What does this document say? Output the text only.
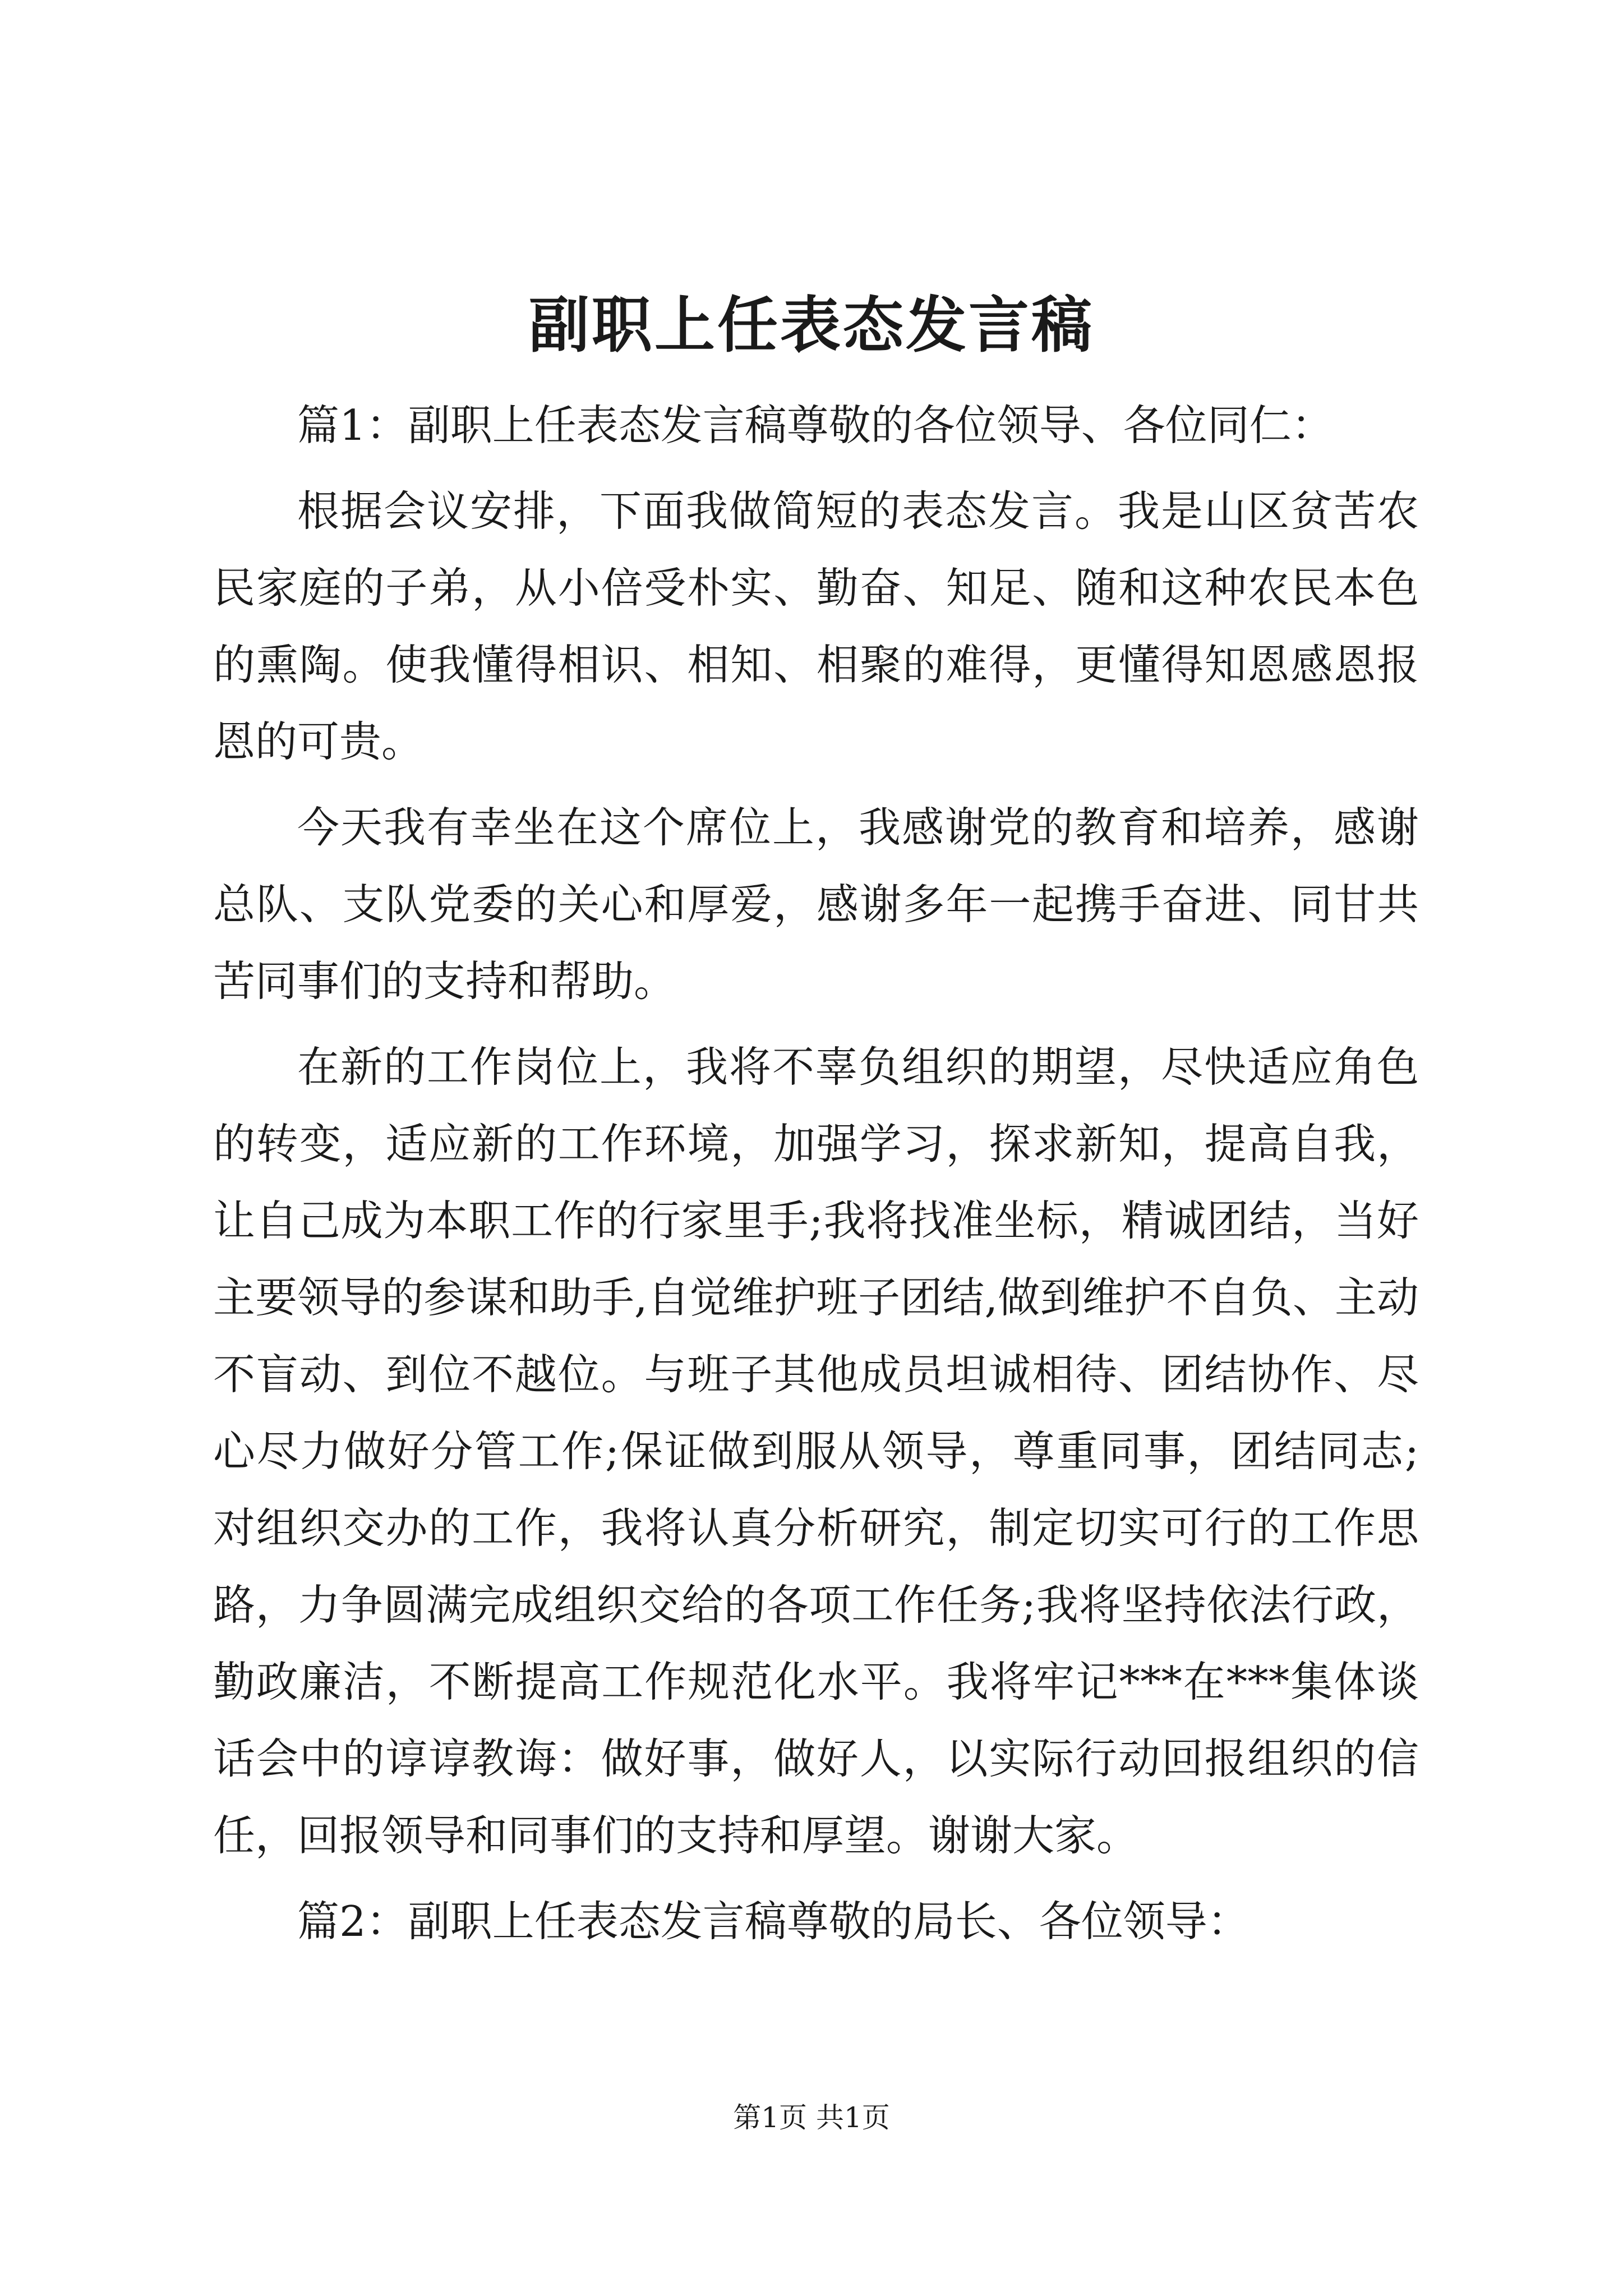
副职上任表态发言稿

篇1：副职上任表态发言稿尊敬的各位领导、各位同仁：

根据会议安排，下面我做简短的表态发言。我是山区贫苦农民家庭的子弟，从小倍受朴实、勤奋、知足、随和这种农民本色的熏陶。使我懂得相识、相知、相聚的难得，更懂得知恩感恩报恩的可贵。

今天我有幸坐在这个席位上，我感谢党的教育和培养，感谢总队、支队党委的关心和厚爱，感谢多年一起携手奋进、同甘共苦同事们的支持和帮助。

在新的工作岗位上，我将不辜负组织的期望，尽快适应角色的转变，适应新的工作环境，加强学习，探求新知，提高自我，让自己成为本职工作的行家里手;我将找准坐标，精诚团结，当好主要领导的参谋和助手,自觉维护班子团结,做到维护不自负、主动不盲动、到位不越位。与班子其他成员坦诚相待、团结协作、尽心尽力做好分管工作;保证做到服从领导，尊重同事，团结同志;对组织交办的工作，我将认真分析研究，制定切实可行的工作思路，力争圆满完成组织交给的各项工作任务;我将坚持依法行政，勤政廉洁，不断提高工作规范化水平。我将牢记***在***集体谈话会中的谆谆教诲：做好事，做好人，以实际行动回报组织的信任，回报领导和同事们的支持和厚望。谢谢大家。

篇2：副职上任表态发言稿尊敬的局长、各位领导：

第1页 共1页
